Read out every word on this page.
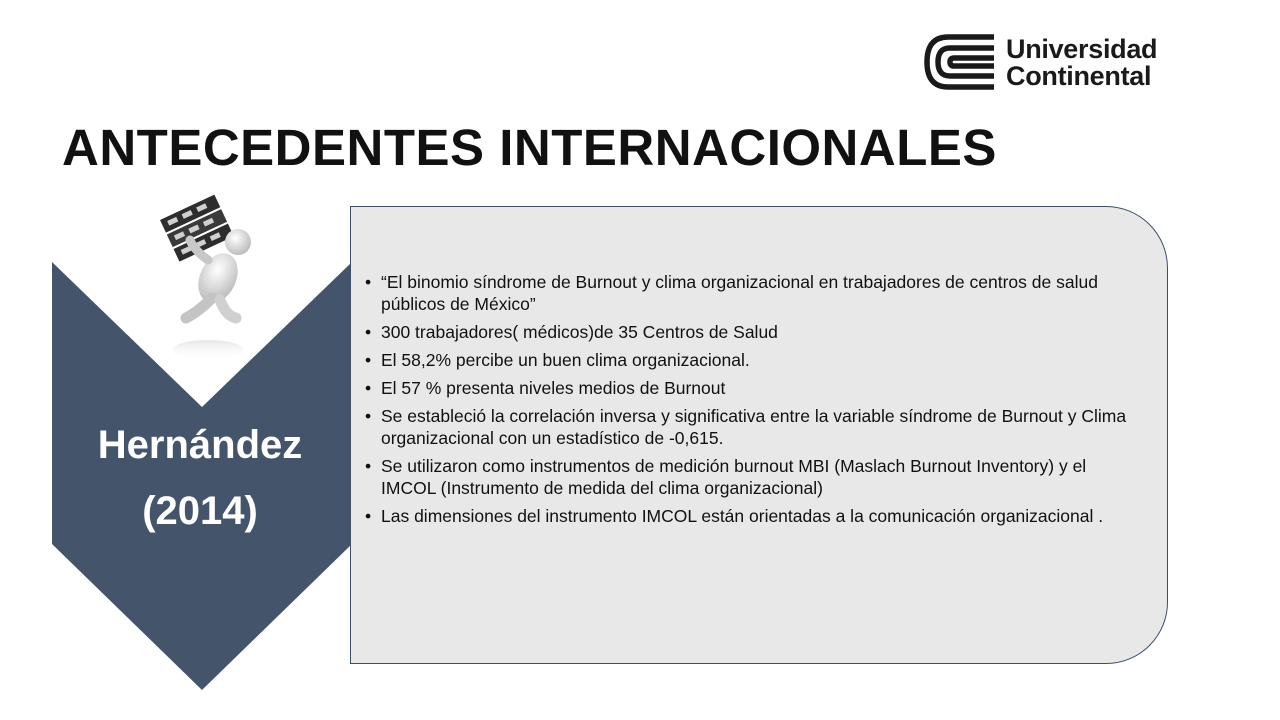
Universidad
Continental
ANTECEDENTES INTERNACIONALES
• “El binomio síndrome de Burnout y clima organizacional en trabajadores de centros de salud públicos de México”
• 300 trabajadores( médicos)de 35 Centros de Salud
• El 58,2% percibe un buen clima organizacional.
• El 57 % presenta niveles medios de Burnout
• Se estableció la correlación inversa y significativa entre la variable síndrome de Burnout y Clima organizacional con un estadístico de -0,615.
• Se utilizaron como instrumentos de medición burnout MBI (Maslach Burnout Inventory) y el IMCOL (Instrumento de medida del clima organizacional)
• Las dimensiones del instrumento IMCOL están orientadas a la comunicación organizacional .
Hernández
(2014)
